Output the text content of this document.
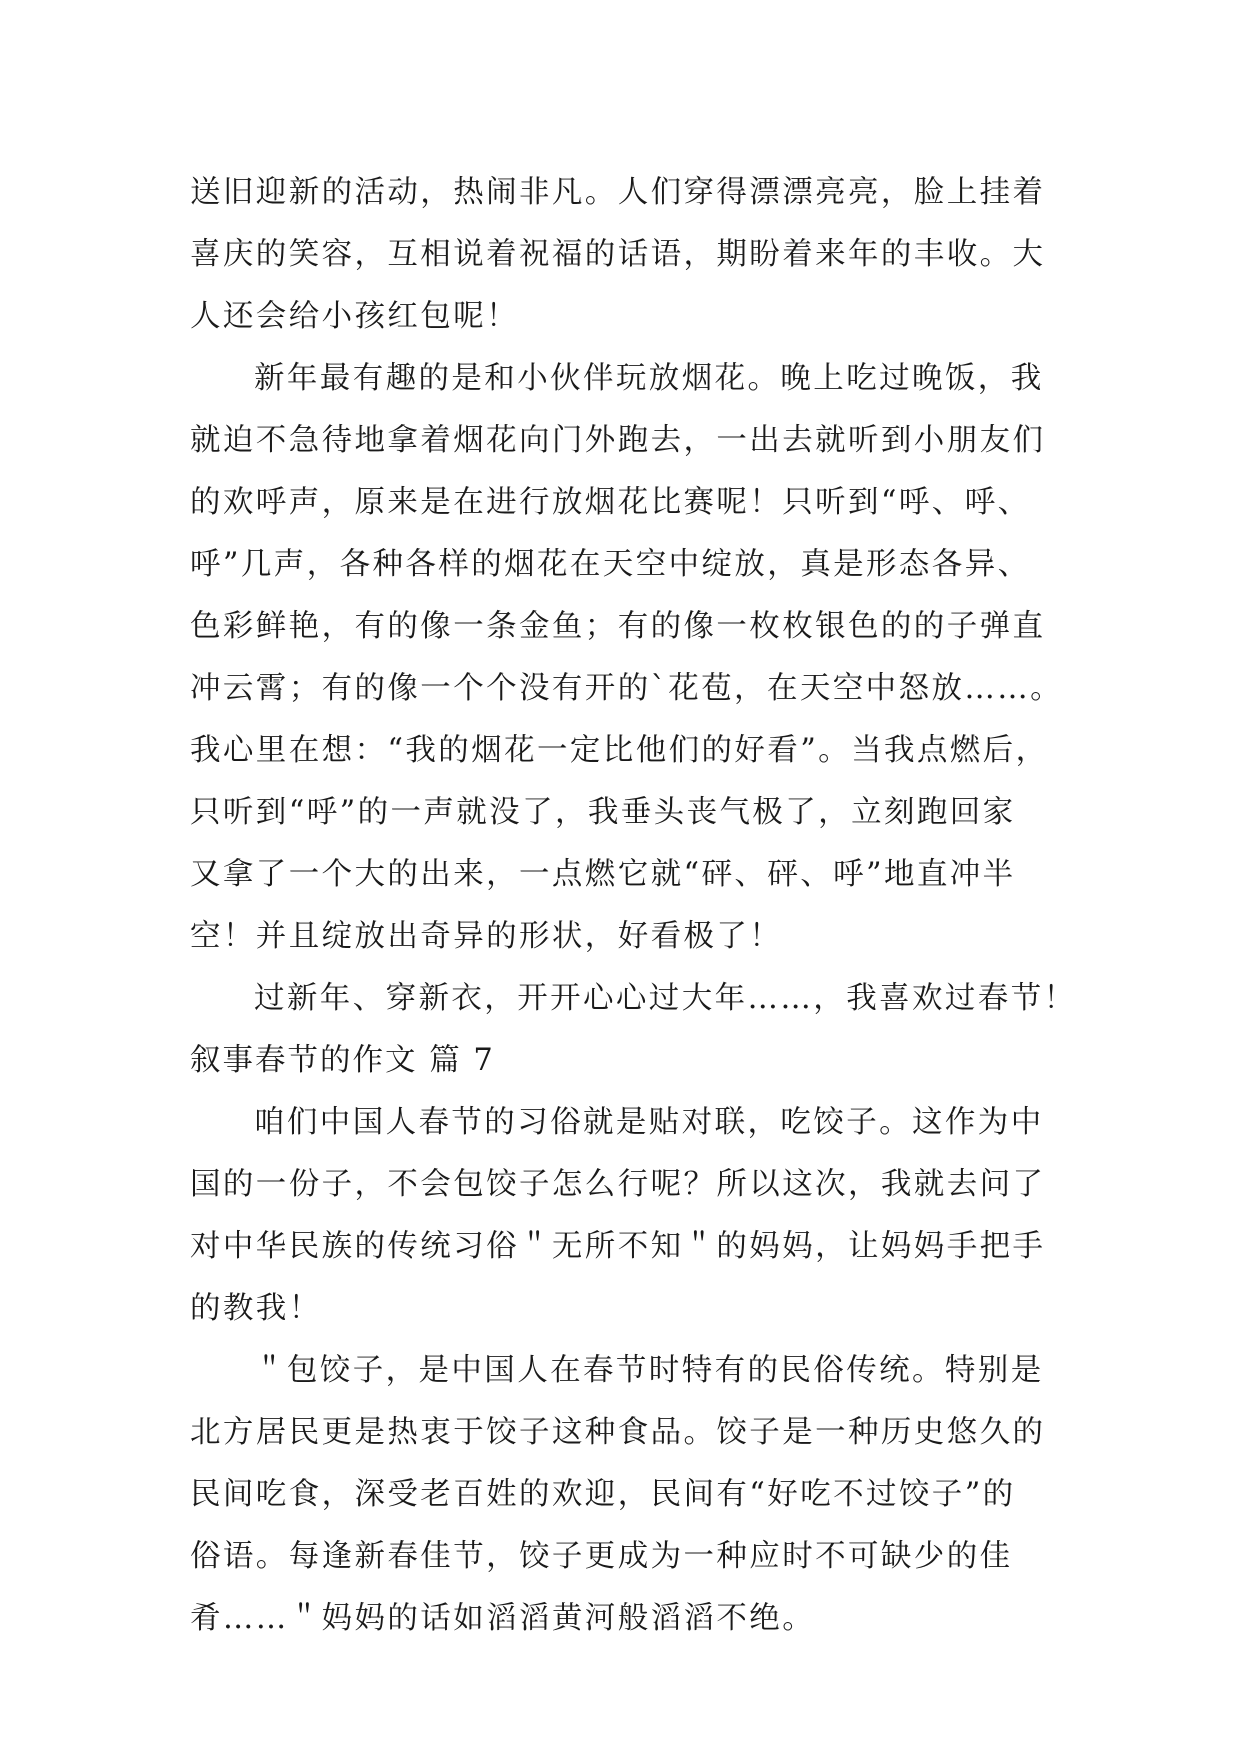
送旧迎新的活动，热闹非凡。人们穿得漂漂亮亮，脸上挂着
喜庆的笑容，互相说着祝福的话语，期盼着来年的丰收。大
人还会给小孩红包呢！
新年最有趣的是和小伙伴玩放烟花。晚上吃过晚饭，我
就迫不急待地拿着烟花向门外跑去，一出去就听到小朋友们
的欢呼声，原来是在进行放烟花比赛呢！只听到“呼、呼、
呼”几声，各种各样的烟花在天空中绽放，真是形态各异、
色彩鲜艳，有的像一条金鱼；有的像一枚枚银色的的子弹直
冲云霄；有的像一个个没有开的`花苞，在天空中怒放……。
我心里在想：“我的烟花一定比他们的好看”。当我点燃后，
只听到“呼”的一声就没了，我垂头丧气极了，立刻跑回家
又拿了一个大的出来，一点燃它就“砰、砰、呼”地直冲半
空！并且绽放出奇异的形状，好看极了！
过新年、穿新衣，开开心心过大年……，我喜欢过春节！
叙事春节的作文 篇 7
咱们中国人春节的习俗就是贴对联，吃饺子。这作为中
国的一份子，不会包饺子怎么行呢？所以这次，我就去问了
对中华民族的传统习俗＂无所不知＂的妈妈，让妈妈手把手
的教我！
＂包饺子，是中国人在春节时特有的民俗传统。特别是
北方居民更是热衷于饺子这种食品。饺子是一种历史悠久的
民间吃食，深受老百姓的欢迎，民间有“好吃不过饺子”的
俗语。每逢新春佳节，饺子更成为一种应时不可缺少的佳
肴……＂妈妈的话如滔滔黄河般滔滔不绝。
